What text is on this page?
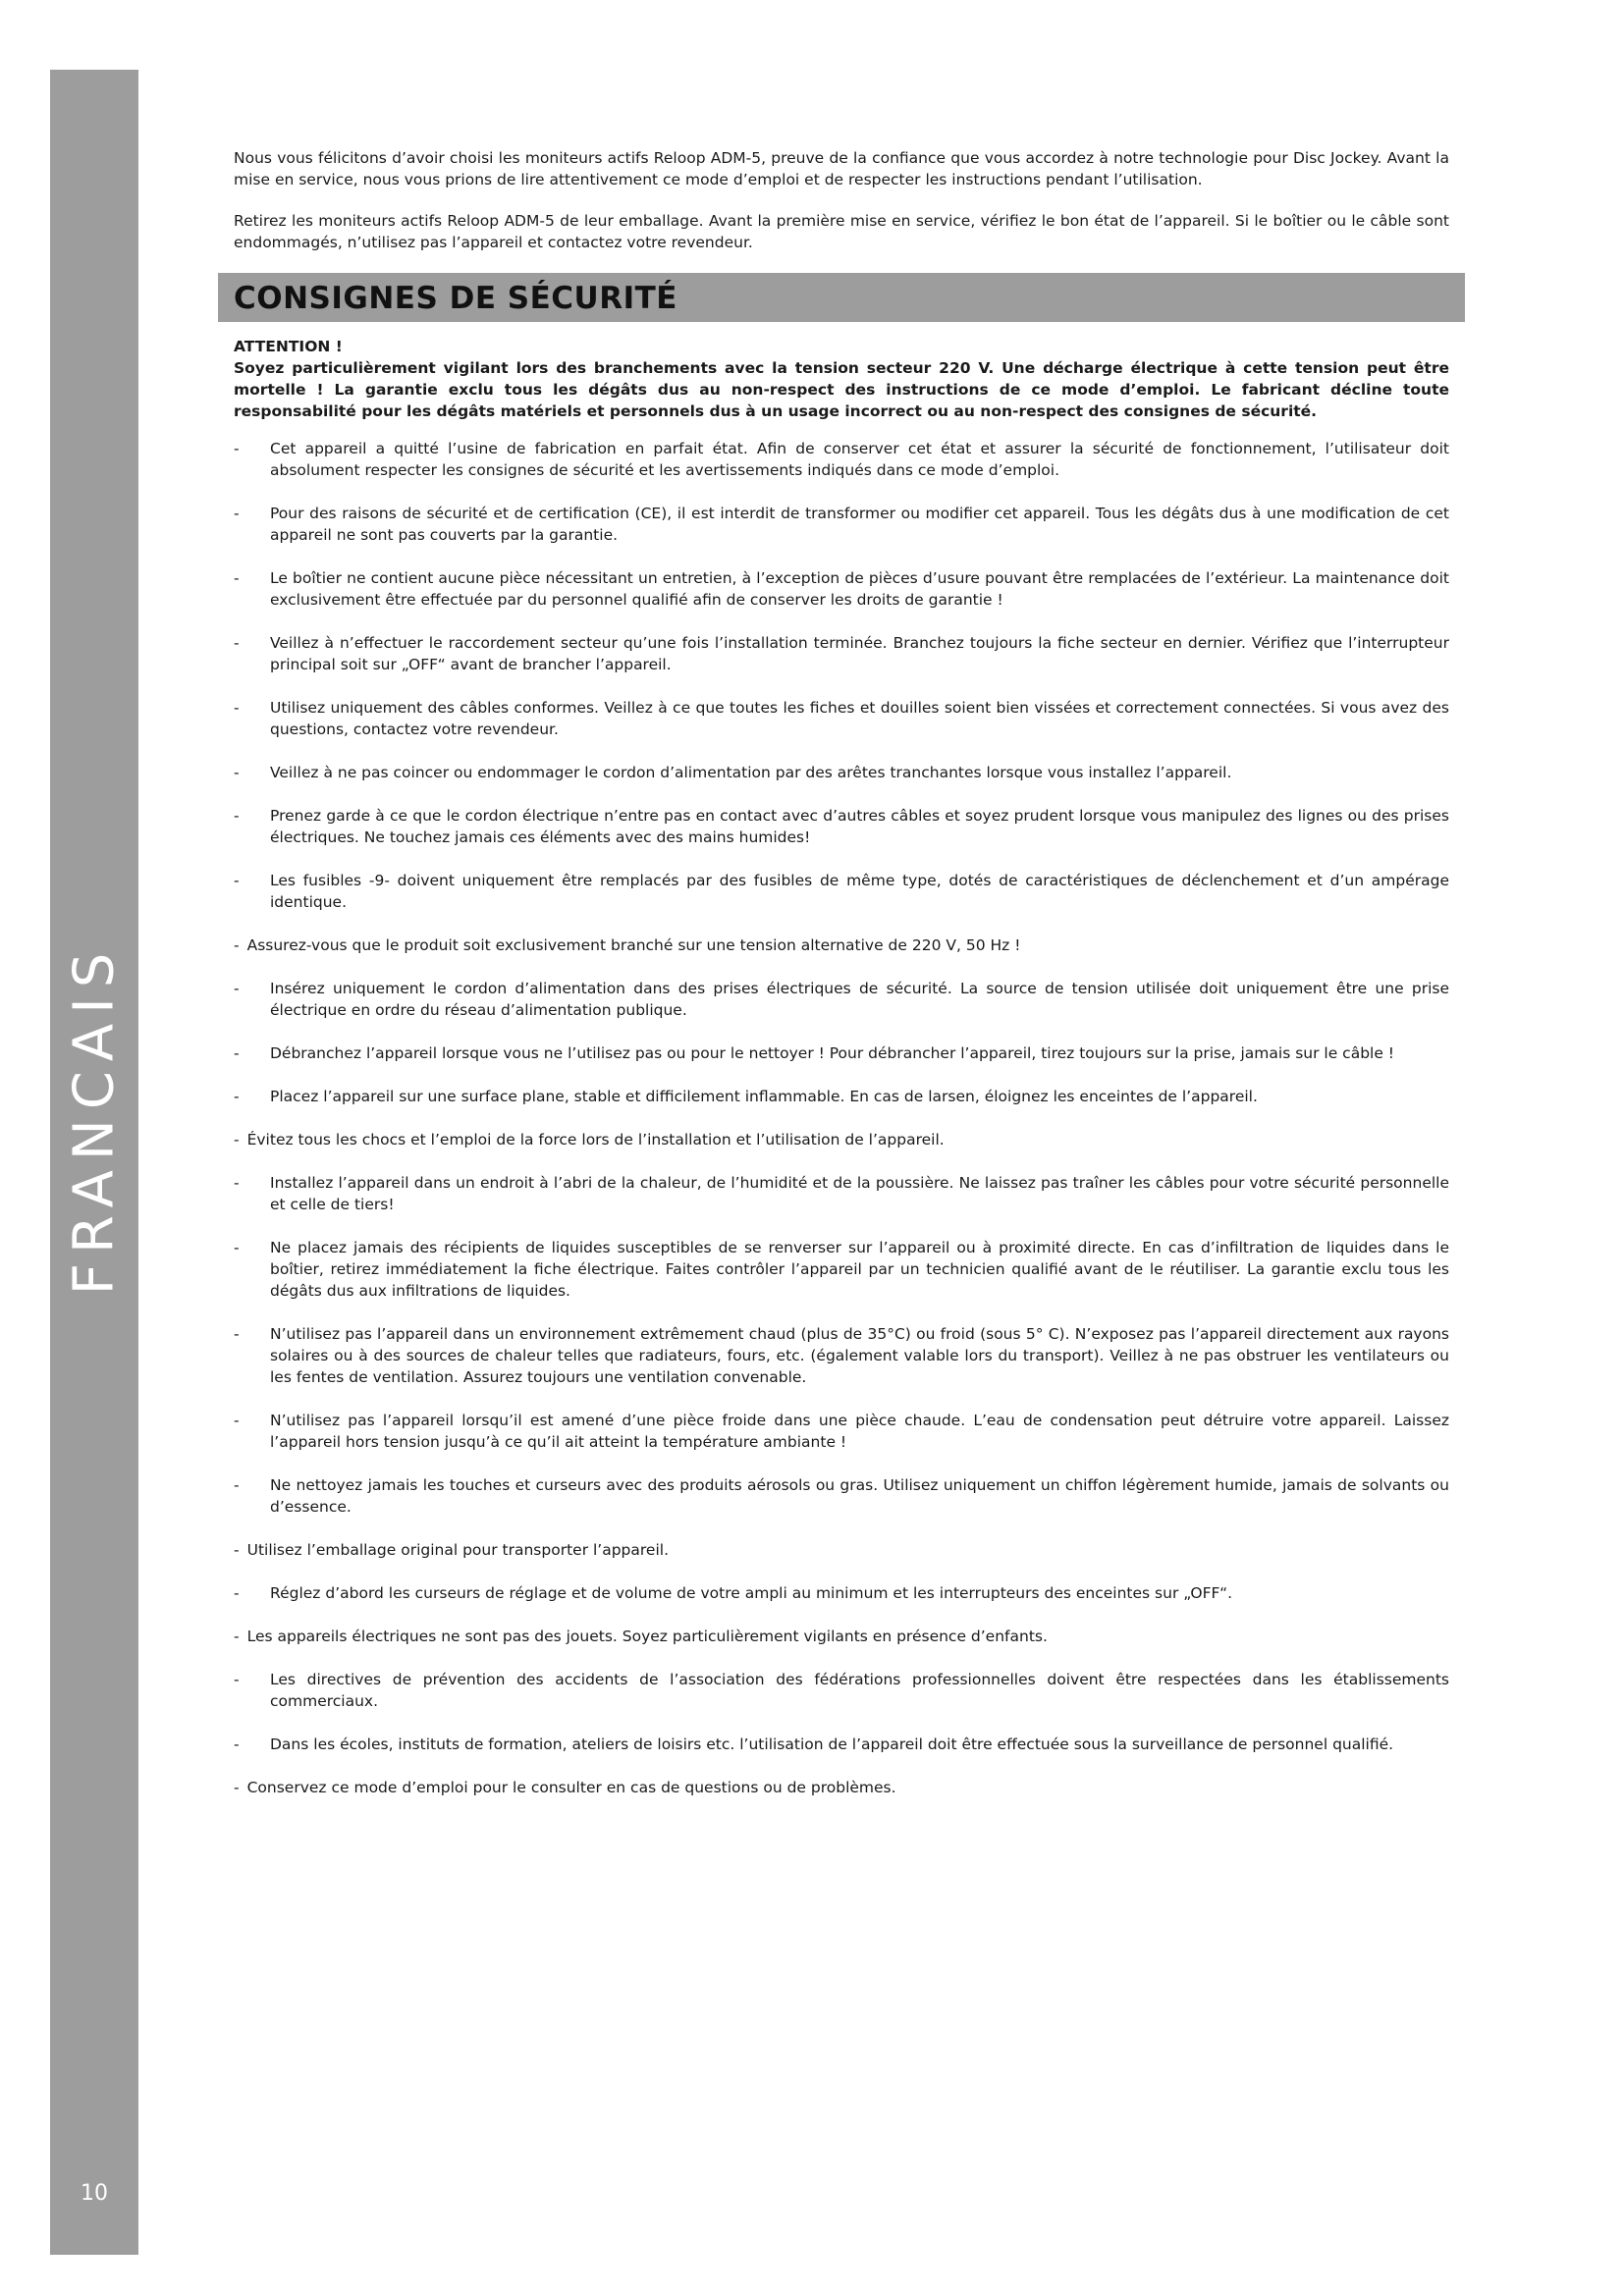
FRANCAIS
10

Nous vous félicitons d’avoir choisi les moniteurs actifs Reloop ADM-5, preuve de la confiance que vous accordez à notre technologie pour Disc Jockey. Avant la mise en service, nous vous prions de lire attentivement ce mode d’emploi et de respecter les instructions pendant l’utilisation.

Retirez les moniteurs actifs Reloop ADM-5 de leur emballage. Avant la première mise en service, vérifiez le bon état de l’appareil. Si le boîtier ou le câble sont endommagés, n’utilisez pas l’appareil et contactez votre revendeur.

CONSIGNES DE SÉCURITÉ

ATTENTION !

Soyez particulièrement vigilant lors des branchements avec la tension secteur 220 V. Une décharge électrique à cette tension peut être mortelle ! La garantie exclu tous les dégâts dus au non-respect des instructions de ce mode d’emploi. Le fabricant décline toute responsabilité pour les dégâts matériels et personnels dus à un usage incorrect ou au non-respect des consignes de sécurité.

- Cet appareil a quitté l’usine de fabrication en parfait état. Afin de conserver cet état et assurer la sécurité de fonctionnement, l’utilisateur doit absolument respecter les consignes de sécurité et les avertissements indiqués dans ce mode d’emploi.
- Pour des raisons de sécurité et de certification (CE), il est interdit de transformer ou modifier cet appareil. Tous les dégâts dus à une modification de cet appareil ne sont pas couverts par la garantie.
- Le boîtier ne contient aucune pièce nécessitant un entretien, à l’exception de pièces d’usure pouvant être remplacées de l’extérieur. La maintenance doit exclusivement être effectuée par du personnel qualifié afin de conserver les droits de garantie !
- Veillez à n’effectuer le raccordement secteur qu’une fois l’installation terminée. Branchez toujours la fiche secteur en dernier. Vérifiez que l’interrupteur principal soit sur „OFF“ avant de brancher l’appareil.
- Utilisez uniquement des câbles conformes. Veillez à ce que toutes les fiches et douilles soient bien vissées et correctement connectées. Si vous avez des questions, contactez votre revendeur.
- Veillez à ne pas coincer ou endommager le cordon d’alimentation par des arêtes tranchantes lorsque vous installez l’appareil.
- Prenez garde à ce que le cordon électrique n’entre pas en contact avec d’autres câbles et soyez prudent lorsque vous manipulez des lignes ou des prises électriques. Ne touchez jamais ces éléments avec des mains humides!
- Les fusibles -9- doivent uniquement être remplacés par des fusibles de même type, dotés de caractéristiques de déclenchement et d’un ampérage identique.
- Assurez-vous que le produit soit exclusivement branché sur une tension alternative de 220 V, 50 Hz !
- Insérez uniquement le cordon d’alimentation dans des prises électriques de sécurité. La source de tension utilisée doit uniquement être une prise électrique en ordre du réseau d’alimentation publique.
- Débranchez l’appareil lorsque vous ne l’utilisez pas ou pour le nettoyer ! Pour débrancher l’appareil, tirez toujours sur la prise, jamais sur le câble !
- Placez l’appareil sur une surface plane, stable et difficilement inflammable. En cas de larsen, éloignez les enceintes de l’appareil.
- Évitez tous les chocs et l’emploi de la force lors de l’installation et l’utilisation de l’appareil.
- Installez l’appareil dans un endroit à l’abri de la chaleur, de l’humidité et de la poussière. Ne laissez pas traîner les câbles pour votre sécurité personnelle et celle de tiers!
- Ne placez jamais des récipients de liquides susceptibles de se renverser sur l’appareil ou à proximité directe. En cas d’infiltration de liquides dans le boîtier, retirez immédiatement la fiche électrique. Faites contrôler l’appareil par un technicien qualifié avant de le réutiliser. La garantie exclu tous les dégâts dus aux infiltrations de liquides.
- N’utilisez pas l’appareil dans un environnement extrêmement chaud (plus de 35°C) ou froid (sous 5° C). N’exposez pas l’appareil directement aux rayons solaires ou à des sources de chaleur telles que radiateurs, fours, etc. (également valable lors du transport). Veillez à ne pas obstruer les ventilateurs ou les fentes de ventilation. Assurez toujours une ventilation convenable.
- N’utilisez pas l’appareil lorsqu’il est amené d’une pièce froide dans une pièce chaude. L’eau de condensation peut détruire votre appareil. Laissez l’appareil hors tension jusqu’à ce qu’il ait atteint la température ambiante !
- Ne nettoyez jamais les touches et curseurs avec des produits aérosols ou gras. Utilisez uniquement un chiffon légèrement humide, jamais de solvants ou d’essence.
- Utilisez l’emballage original pour transporter l’appareil.
- Réglez d’abord les curseurs de réglage et de volume de votre ampli au minimum et les interrupteurs des enceintes sur „OFF“.
- Les appareils électriques ne sont pas des jouets. Soyez particulièrement vigilants en présence d’enfants.
- Les directives de prévention des accidents de l’association des fédérations professionnelles doivent être respectées dans les établissements commerciaux.
- Dans les écoles, instituts de formation, ateliers de loisirs etc. l’utilisation de l’appareil doit être effectuée sous la surveillance de personnel qualifié.
- Conservez ce mode d’emploi pour le consulter en cas de questions ou de problèmes.
